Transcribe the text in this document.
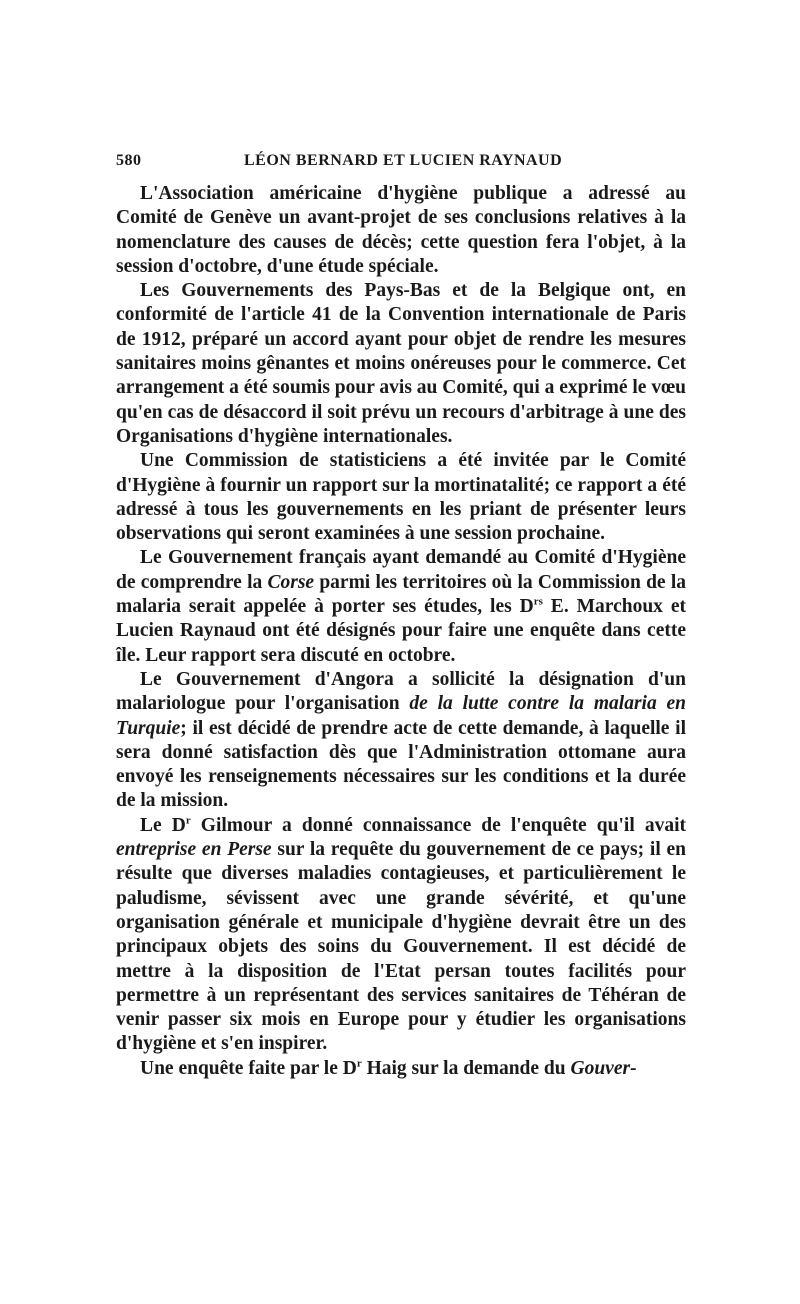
580	LÉON BERNARD ET LUCIEN RAYNAUD

L'Association américaine d'hygiène publique a adressé au Comité de Genève un avant-projet de ses conclusions relatives à la nomenclature des causes de décès; cette question fera l'objet, à la session d'octobre, d'une étude spéciale.

Les Gouvernements des Pays-Bas et de la Belgique ont, en conformité de l'article 41 de la Convention internationale de Paris de 1912, préparé un accord ayant pour objet de rendre les mesures sanitaires moins gênantes et moins onéreuses pour le commerce. Cet arrangement a été soumis pour avis au Comité, qui a exprimé le vœu qu'en cas de désaccord il soit prévu un recours d'arbitrage à une des Organisations d'hygiène internationales.

Une Commission de statisticiens a été invitée par le Comité d'Hygiène à fournir un rapport sur la mortinatalité; ce rapport a été adressé à tous les gouvernements en les priant de présenter leurs observations qui seront examinées à une session prochaine.

Le Gouvernement français ayant demandé au Comité d'Hygiène de comprendre la Corse parmi les territoires où la Commission de la malaria serait appelée à porter ses études, les $D^{rs}$ E. Marchoux et Lucien Raynaud ont été désignés pour faire une enquête dans cette île. Leur rapport sera discuté en octobre.

Le Gouvernement d'Angora a sollicité la désignation d'un malariologue pour l'organisation de la lutte contre la malaria en Turquie; il est décidé de prendre acte de cette demande, à laquelle il sera donné satisfaction dès que l'Administration ottomane aura envoyé les renseignements nécessaires sur les conditions et la durée de la mission.

Le $D^r$ Gilmour a donné connaissance de l'enquête qu'il avait entreprise en Perse sur la requête du gouvernement de ce pays; il en résulte que diverses maladies contagieuses, et particulièrement le paludisme, sévissent avec une grande sévérité, et qu'une organisation générale et municipale d'hygiène devrait être un des principaux objets des soins du Gouvernement. Il est décidé de mettre à la disposition de l'Etat persan toutes facilités pour permettre à un représentant des services sanitaires de Téhéran de venir passer six mois en Europe pour y étudier les organisations d'hygiène et s'en inspirer.

Une enquête faite par le $D^r$ Haig sur la demande du Gouver-
